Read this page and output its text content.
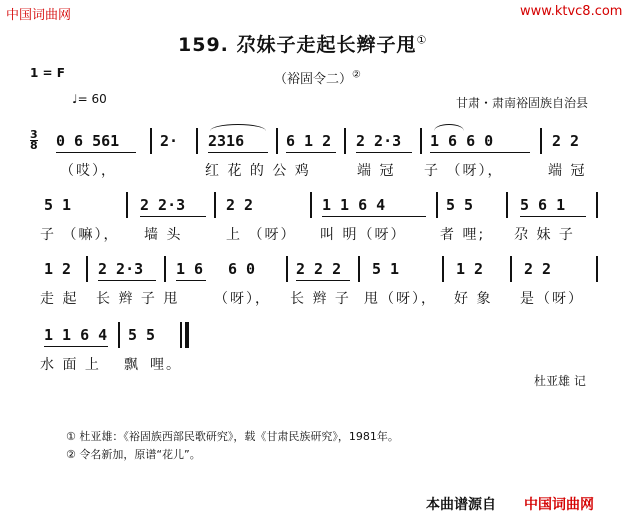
中国词曲网	www.ktvc8.com
159. 尕妹子走起长辫子甩①
（裕固令二）②
1 = F
♩= 60	甘肃・肃南裕固族自治县
3
8 0 6 561	2· 2316	6 1 2 2 2·3 1 6 6 0	2 2
（哎），	红 花 的 公 鸡	端 冠 子 （呀），	端 冠
5 1	2 2·3	2 2	1 1 6 4	5 5	5 6 1
子 （嘛）， 墙 头	上 （呀） 叫 明（呀） 者 哩; 尕 妹 子
1 2 2 2·3 1 6 6 0	2 2 2 5 1	1 2	2 2
走 起 长 辫 子 甩 （呀）， 长 辫 子 甩（呀）， 好 象 是（呀）
1 1 6 4 5 5
水 面 上 飘 哩。
杜亚雄 记
① 杜亚雄：《裕固族西部民歌研究》，载《甘肃民族研究》，1981年。
② 令名新加，原谱“花儿”。
本曲谱源自 中国词曲网
